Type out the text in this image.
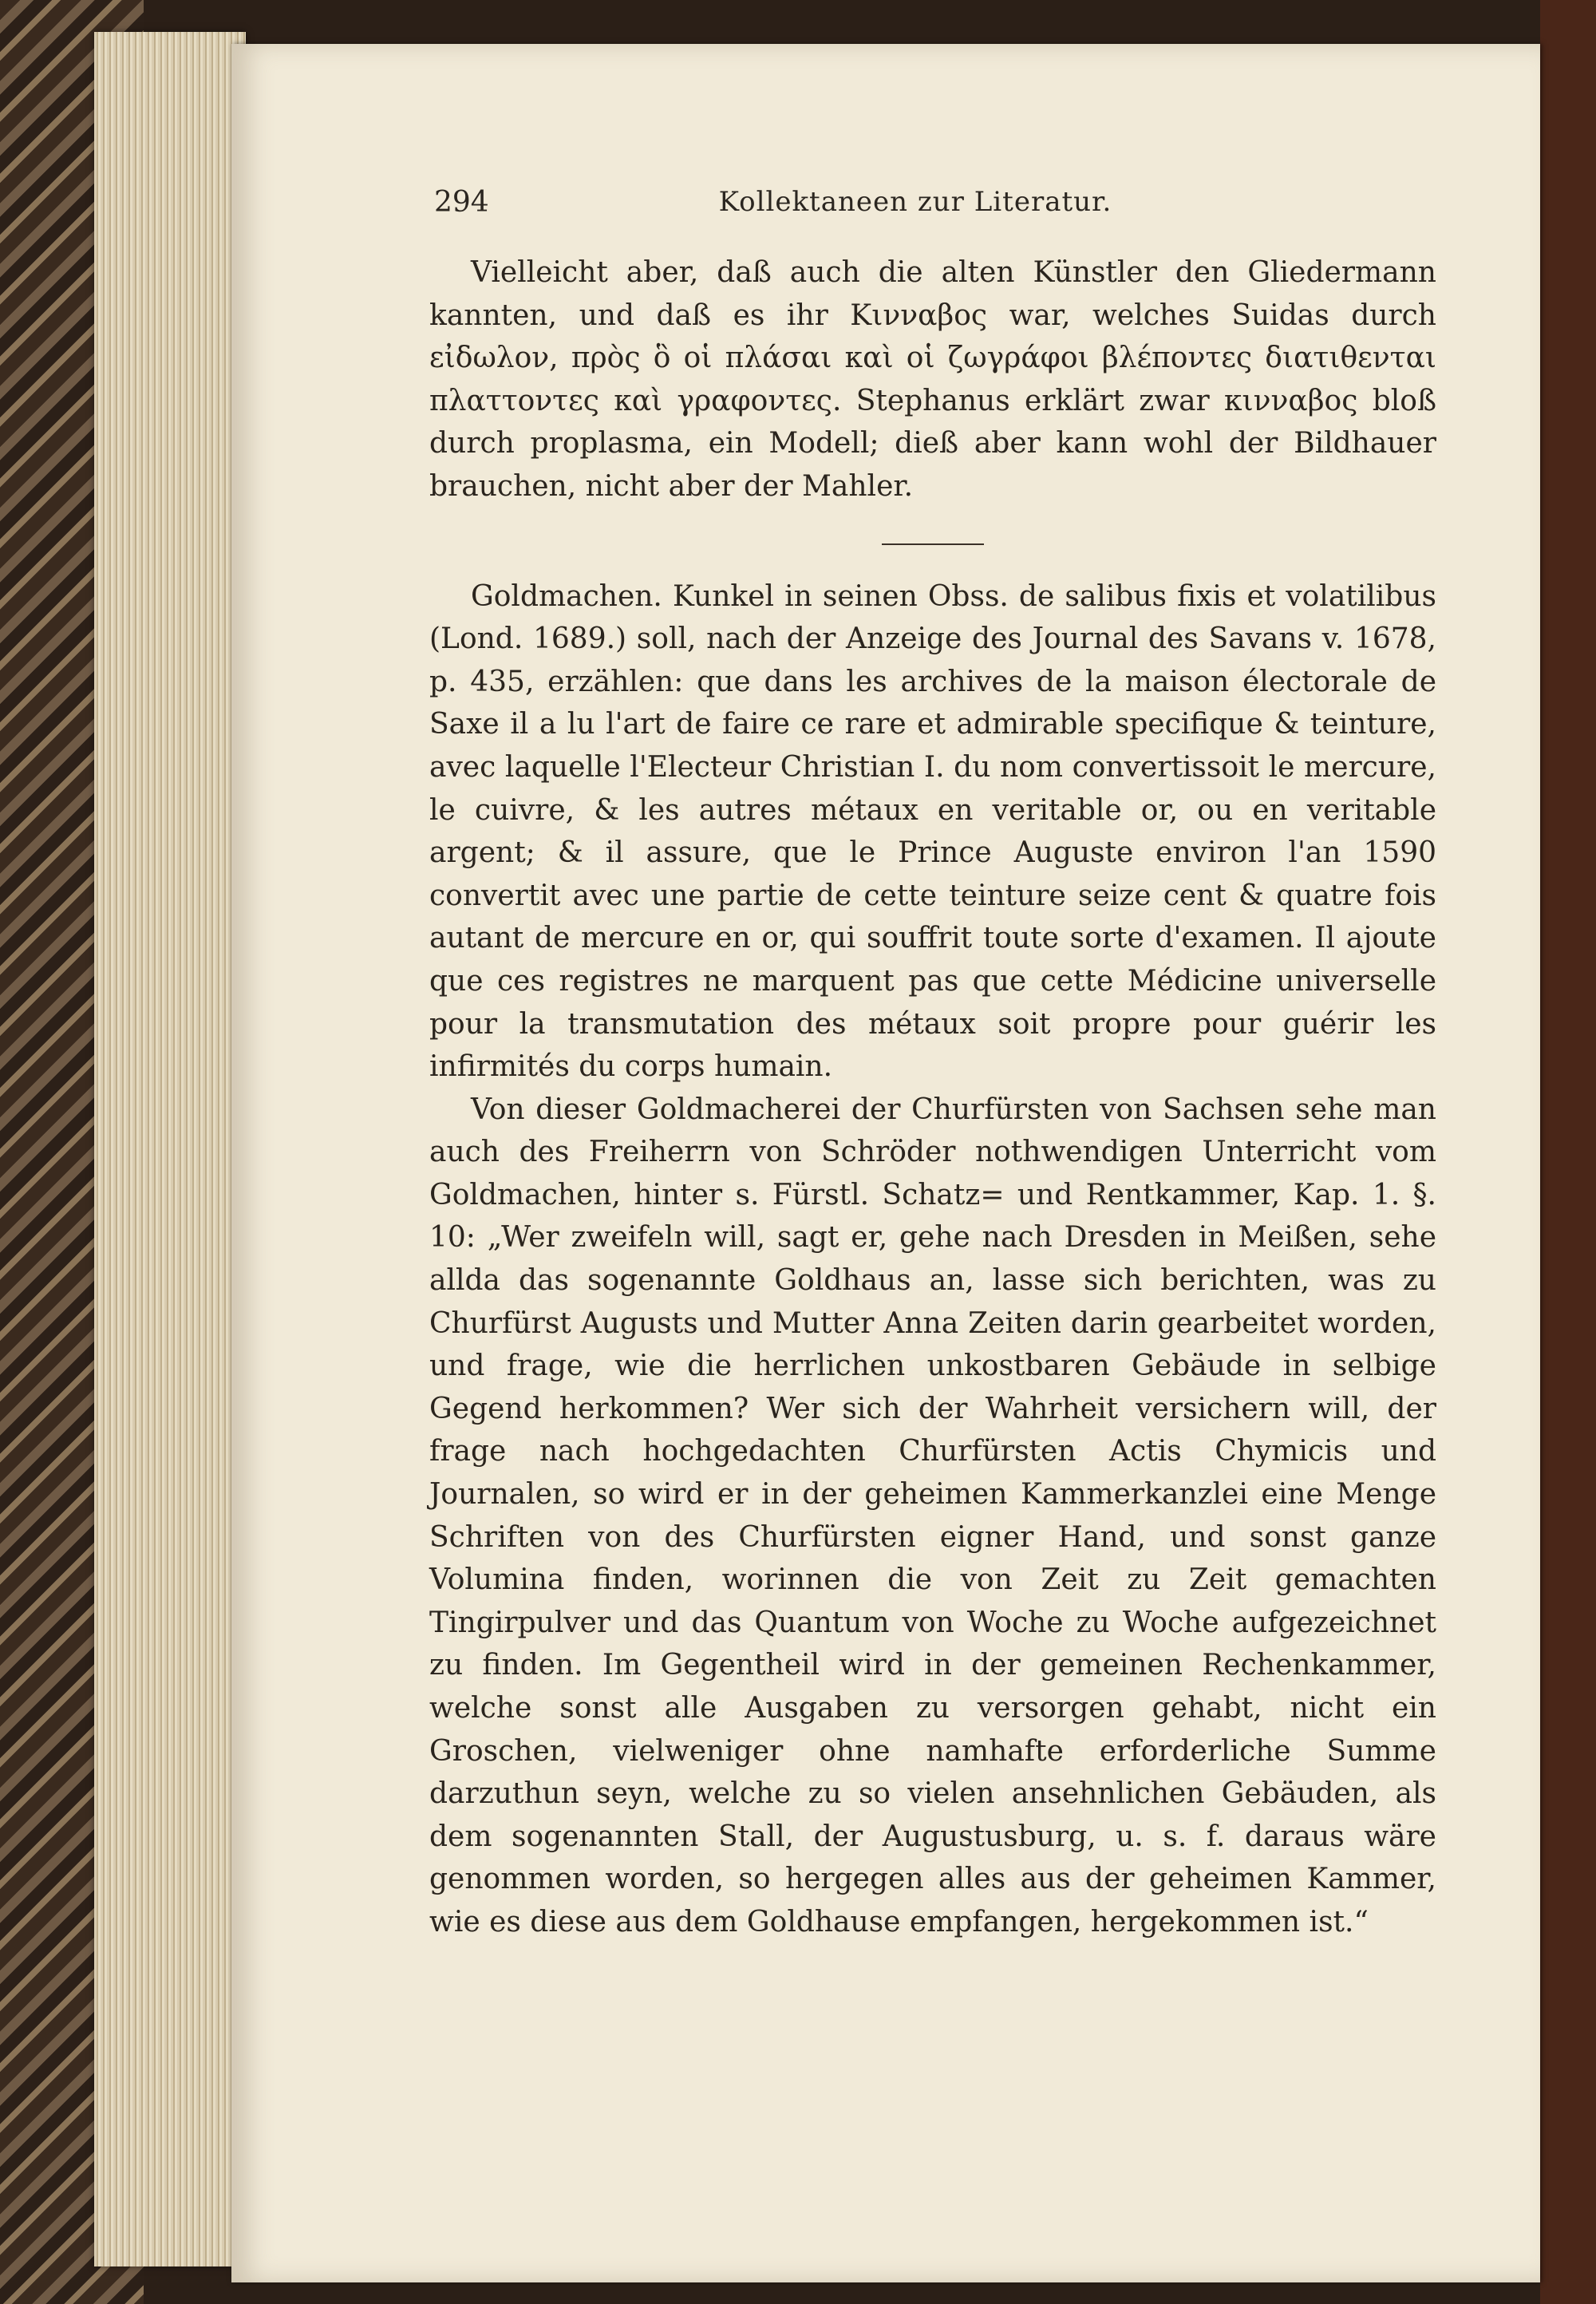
294	Kollektaneen zur Literatur.

Vielleicht aber, daß auch die alten Künstler den Gliedermann kannten, und daß es ihr Κινναβος war, welches Suidas durch εἰδωλον, πρὸς ὃ οἱ πλάσαι καὶ οἱ ζωγράφοι βλέποντες διατιθενται πλαττοντες καὶ γραφοντες. Stephanus erklärt zwar κινναβος bloß durch proplasma, ein Modell; dieß aber kann wohl der Bildhauer brauchen, nicht aber der Mahler.

Goldmachen. Kunkel in seinen Obss. de salibus fixis et volatilibus (Lond. 1689.) soll, nach der Anzeige des Journal des Savans v. 1678, p. 435, erzählen: que dans les archives de la maison électorale de Saxe il a lu l'art de faire ce rare et admirable specifique & teinture, avec laquelle l'Electeur Christian I. du nom convertissoit le mercure, le cuivre, & les autres métaux en veritable or, ou en veritable argent; & il assure, que le Prince Auguste environ l'an 1590 convertit avec une partie de cette teinture seize cent & quatre fois autant de mercure en or, qui souffrit toute sorte d'examen. Il ajoute que ces registres ne marquent pas que cette Médicine universelle pour la transmutation des métaux soit propre pour guérir les infirmités du corps humain.

Von dieser Goldmacherei der Churfürsten von Sachsen sehe man auch des Freiherrn von Schröder nothwendigen Unterricht vom Goldmachen, hinter s. Fürstl. Schatz= und Rentkammer, Kap. 1. §. 10: „Wer zweifeln will, sagt er, gehe nach Dresden in Meißen, sehe allda das sogenannte Goldhaus an, lasse sich berichten, was zu Churfürst Augusts und Mutter Anna Zeiten darin gearbeitet worden, und frage, wie die herrlichen unkostbaren Gebäude in selbige Gegend herkommen? Wer sich der Wahrheit versichern will, der frage nach hochgedachten Churfürsten Actis Chymicis und Journalen, so wird er in der geheimen Kammerkanzlei eine Menge Schriften von des Churfürsten eigner Hand, und sonst ganze Volumina finden, worinnen die von Zeit zu Zeit gemachten Tingirpulver und das Quantum von Woche zu Woche aufgezeichnet zu finden. Im Gegentheil wird in der gemeinen Rechenkammer, welche sonst alle Ausgaben zu versorgen gehabt, nicht ein Groschen, vielweniger ohne namhafte erforderliche Summe darzuthun seyn, welche zu so vielen ansehnlichen Gebäuden, als dem sogenannten Stall, der Augustusburg, u. s. f. daraus wäre genommen worden, so hergegen alles aus der geheimen Kammer, wie es diese aus dem Goldhause empfangen, hergekommen ist.“
